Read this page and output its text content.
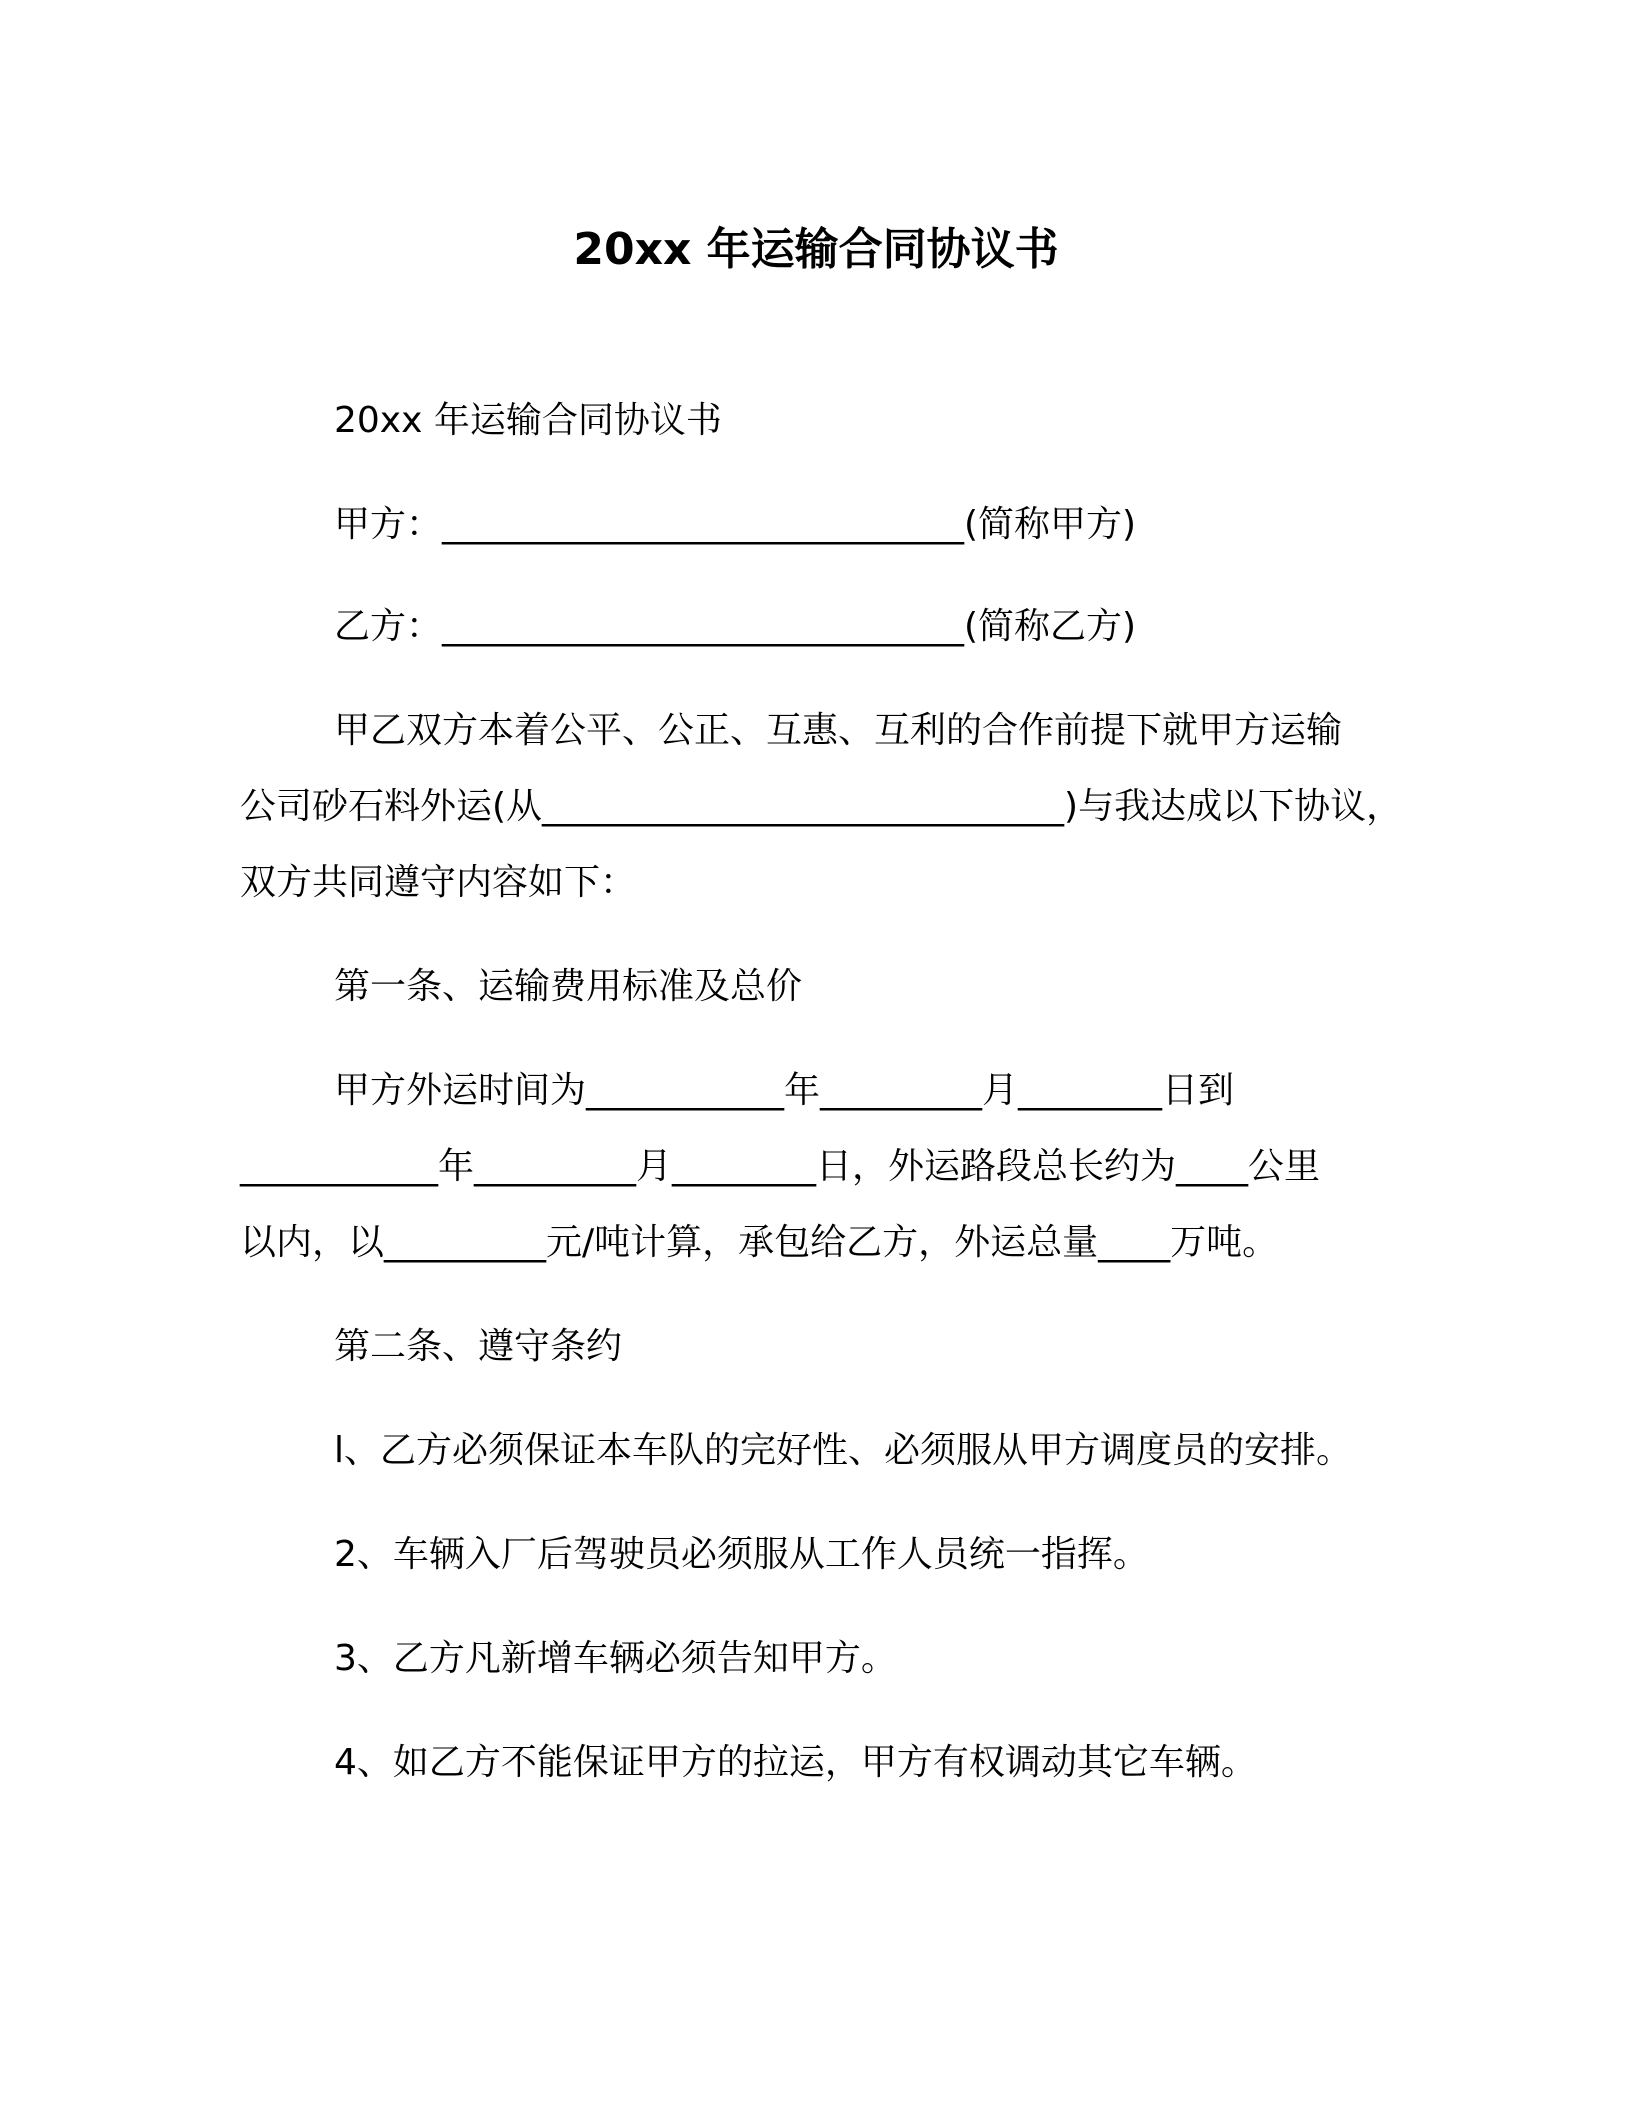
20xx 年运输合同协议书
20xx 年运输合同协议书
甲方：_____________________________(简称甲方)
乙方：_____________________________(简称乙方)
甲乙双方本着公平、公正、互惠、互利的合作前提下就甲方运输
公司砂石料外运(从_____________________________)与我达成以下协议，
双方共同遵守内容如下：
第一条、运输费用标准及总价
甲方外运时间为___________年_________月________日到
___________年_________月________日，外运路段总长约为____公里
以内，以_________元/吨计算，承包给乙方，外运总量____万吨。
第二条、遵守条约
l、乙方必须保证本车队的完好性、必须服从甲方调度员的安排。
2、车辆入厂后驾驶员必须服从工作人员统一指挥。
3、乙方凡新增车辆必须告知甲方。
4、如乙方不能保证甲方的拉运，甲方有权调动其它车辆。
